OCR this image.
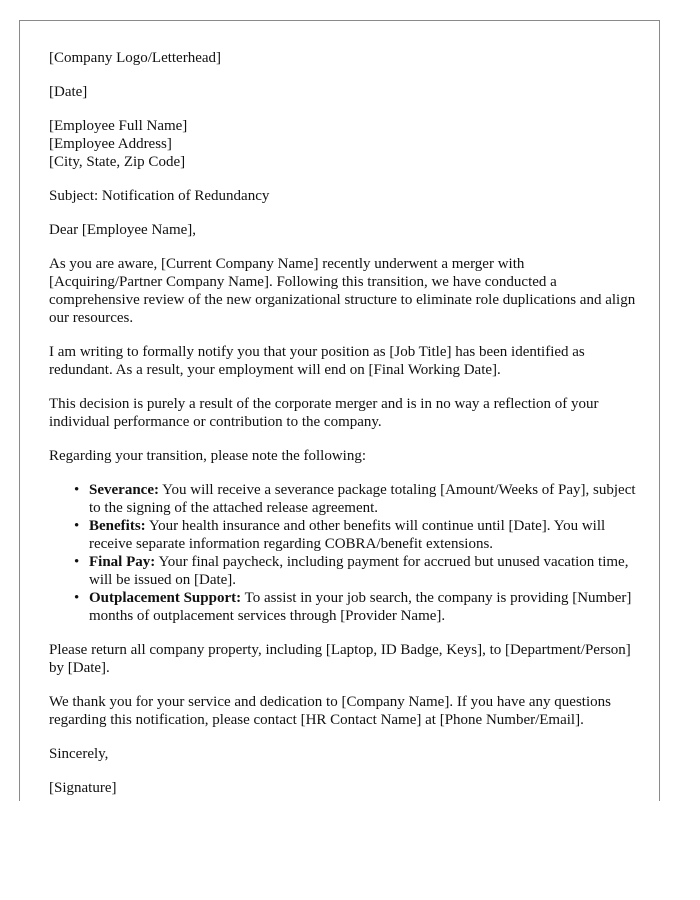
[Company Logo/Letterhead]

[Date]

[Employee Full Name]
[Employee Address]
[City, State, Zip Code]

Subject: Notification of Redundancy

Dear [Employee Name],

As you are aware, [Current Company Name] recently underwent a merger with [Acquiring/Partner Company Name]. Following this transition, we have conducted a comprehensive review of the new organizational structure to eliminate role duplications and align our resources.

I am writing to formally notify you that your position as [Job Title] has been identified as redundant. As a result, your employment will end on [Final Working Date].

This decision is purely a result of the corporate merger and is in no way a reflection of your individual performance or contribution to the company.

Regarding your transition, please note the following:

• Severance: You will receive a severance package totaling [Amount/Weeks of Pay], subject to the signing of the attached release agreement.
• Benefits: Your health insurance and other benefits will continue until [Date]. You will receive separate information regarding COBRA/benefit extensions.
• Final Pay: Your final paycheck, including payment for accrued but unused vacation time, will be issued on [Date].
• Outplacement Support: To assist in your job search, the company is providing [Number] months of outplacement services through [Provider Name].

Please return all company property, including [Laptop, ID Badge, Keys], to [Department/Person] by [Date].

We thank you for your service and dedication to [Company Name]. If you have any questions regarding this notification, please contact [HR Contact Name] at [Phone Number/Email].

Sincerely,

[Signature]
